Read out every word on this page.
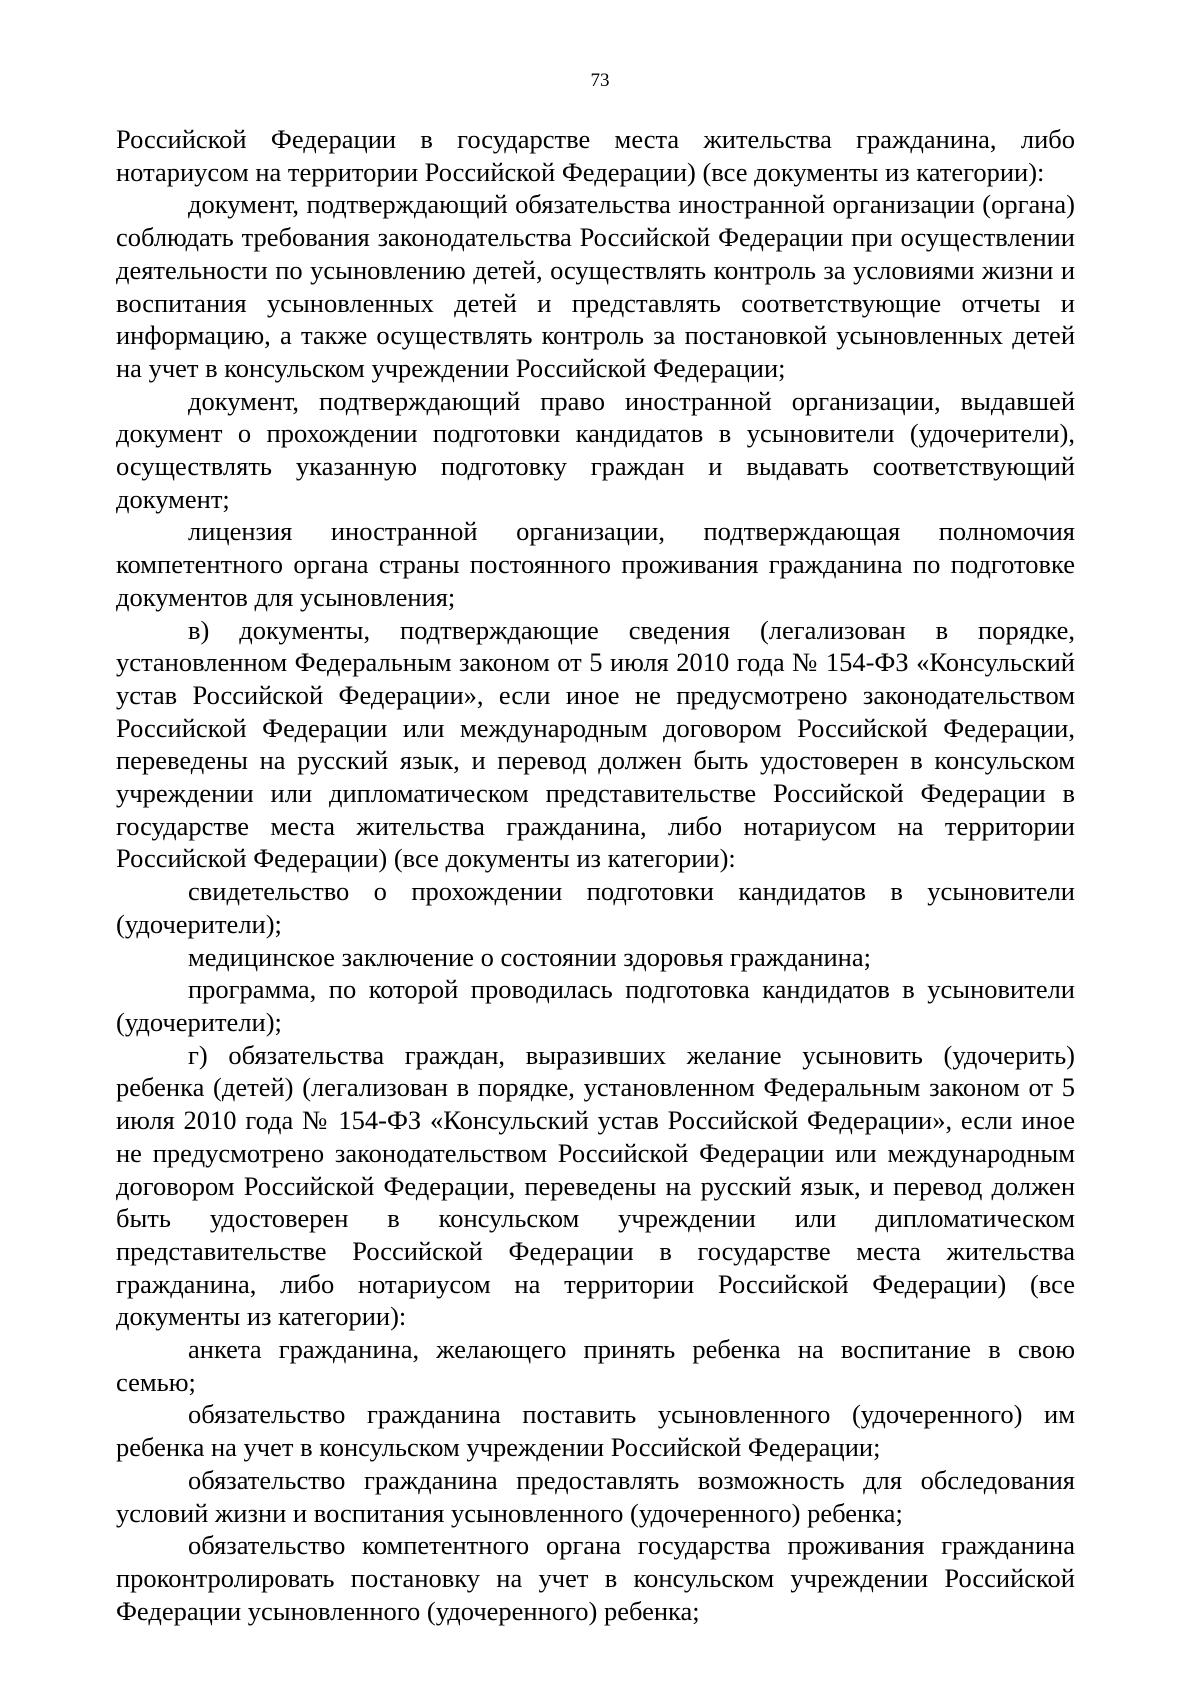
73

Российской Федерации в государстве места жительства гражданина, либо нотариусом на территории Российской Федерации) (все документы из категории):

документ, подтверждающий обязательства иностранной организации (органа) соблюдать требования законодательства Российской Федерации при осуществлении деятельности по усыновлению детей, осуществлять контроль за условиями жизни и воспитания усыновленных детей и представлять соответствующие отчеты и информацию, а также осуществлять контроль за постановкой усыновленных детей на учет в консульском учреждении Российской Федерации;

документ, подтверждающий право иностранной организации, выдавшей документ о прохождении подготовки кандидатов в усыновители (удочерители), осуществлять указанную подготовку граждан и выдавать соответствующий документ;

лицензия иностранной организации, подтверждающая полномочия компетентного органа страны постоянного проживания гражданина по подготовке документов для усыновления;

в) документы, подтверждающие сведения (легализован в порядке, установленном Федеральным законом от 5 июля 2010 года № 154-ФЗ «Консульский устав Российской Федерации», если иное не предусмотрено законодательством Российской Федерации или международным договором Российской Федерации, переведены на русский язык, и перевод должен быть удостоверен в консульском учреждении или дипломатическом представительстве Российской Федерации в государстве места жительства гражданина, либо нотариусом на территории Российской Федерации) (все документы из категории):

свидетельство о прохождении подготовки кандидатов в усыновители (удочерители);

медицинское заключение о состоянии здоровья гражданина;

программа, по которой проводилась подготовка кандидатов в усыновители (удочерители);

г) обязательства граждан, выразивших желание усыновить (удочерить) ребенка (детей) (легализован в порядке, установленном Федеральным законом от 5 июля 2010 года № 154-ФЗ «Консульский устав Российской Федерации», если иное не предусмотрено законодательством Российской Федерации или международным договором Российской Федерации, переведены на русский язык, и перевод должен быть удостоверен в консульском учреждении или дипломатическом представительстве Российской Федерации в государстве места жительства гражданина, либо нотариусом на территории Российской Федерации) (все документы из категории):

анкета гражданина, желающего принять ребенка на воспитание в свою семью;

обязательство гражданина поставить усыновленного (удочеренного) им ребенка на учет в консульском учреждении Российской Федерации;

обязательство гражданина предоставлять возможность для обследования условий жизни и воспитания усыновленного (удочеренного) ребенка;

обязательство компетентного органа государства проживания гражданина проконтролировать постановку на учет в консульском учреждении Российской Федерации усыновленного (удочеренного) ребенка;
